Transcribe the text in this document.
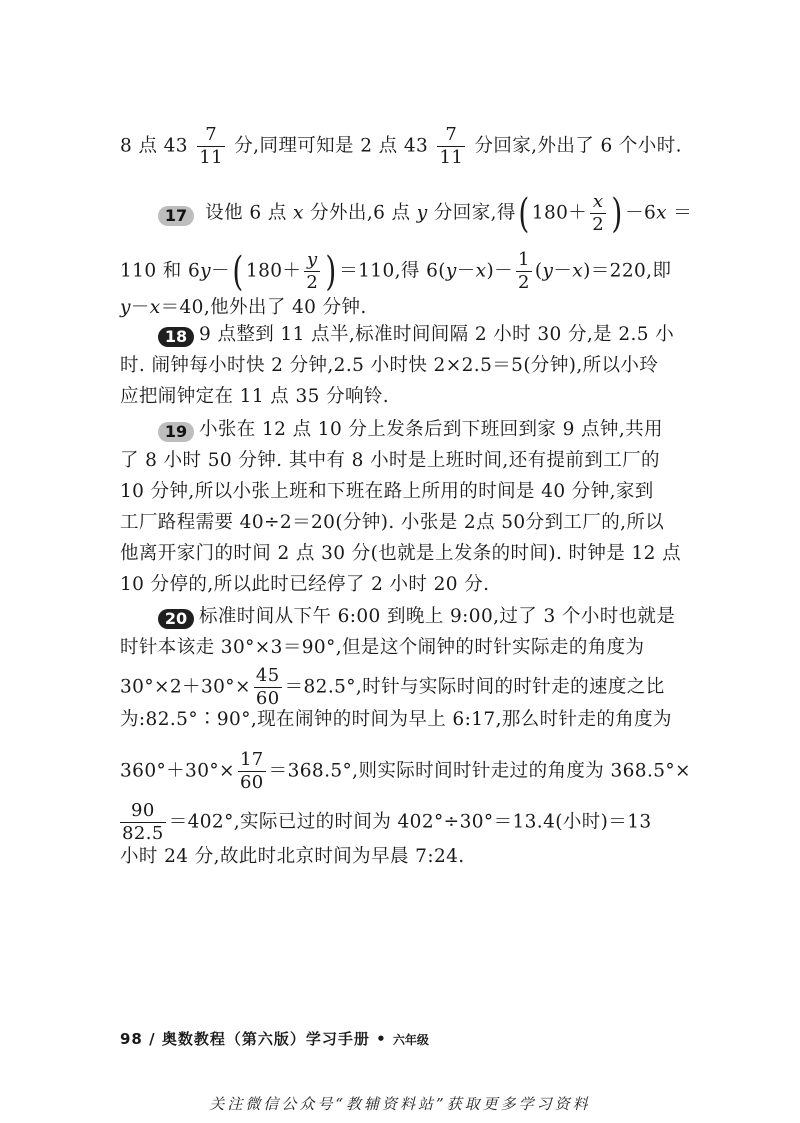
8 点 $43 \frac{7}{11}$ 分,同理可知是 2 点 $43 \frac{7}{11}$ 分回家,外出了 6 个小时.
17 设他 6 点 x 分外出,6 点 y 分回家,得( $180+ \frac{x}{2}$ ) －6x ＝
110 和 6y－( $180+ \frac{y}{2}$ ) ＝110,得 $6(y-x)- \frac{1}{2} (y-x)=220$,即
y－x＝40,他外出了 40 分钟.
18 9 点整到 11 点半,标准时间间隔 2 小时 30 分,是 2.5 小
时. 闹钟每小时快 2 分钟,2.5 小时快 2×2.5＝5(分钟),所以小玲
应把闹钟定在 11 点 35 分响铃.
19 小张在 12 点 10 分上发条后到下班回到家 9 点钟,共用
了 8 小时 50 分钟. 其中有 8 小时是上班时间,还有提前到工厂的
10 分钟,所以小张上班和下班在路上所用的时间是 40 分钟,家到
工厂路程需要 40÷2＝20(分钟). 小张是 2点 50分到工厂的,所以
他离开家门的时间 2 点 30 分(也就是上发条的时间). 时钟是 12 点
10 分停的,所以此时已经停了 2 小时 20 分.
20 标准时间从下午 6:00 到晚上 9:00,过了 3 个小时也就是
时针本该走 30°×3＝90°,但是这个闹钟的时针实际走的角度为
$30^\circ\times 2+30^\circ\times \frac{45}{60} =82.5^\circ$,时针与实际时间的时针走的速度之比
为:82.5°∶90°,现在闹钟的时间为早上 6:17,那么时针走的角度为
$360^\circ+30^\circ\times \frac{17}{60} =368.5^\circ$,则实际时间时针走过的角度为 368.5°×
$\frac{90}{82.5} =402^\circ$,实际已过的时间为 402°÷30°＝13.4(小时)＝13
小时 24 分,故此时北京时间为早晨 7:24.
98 / 奥数教程（第六版）学习手册 • 六年级
关注微信公众号“教辅资料站”获取更多学习资料
